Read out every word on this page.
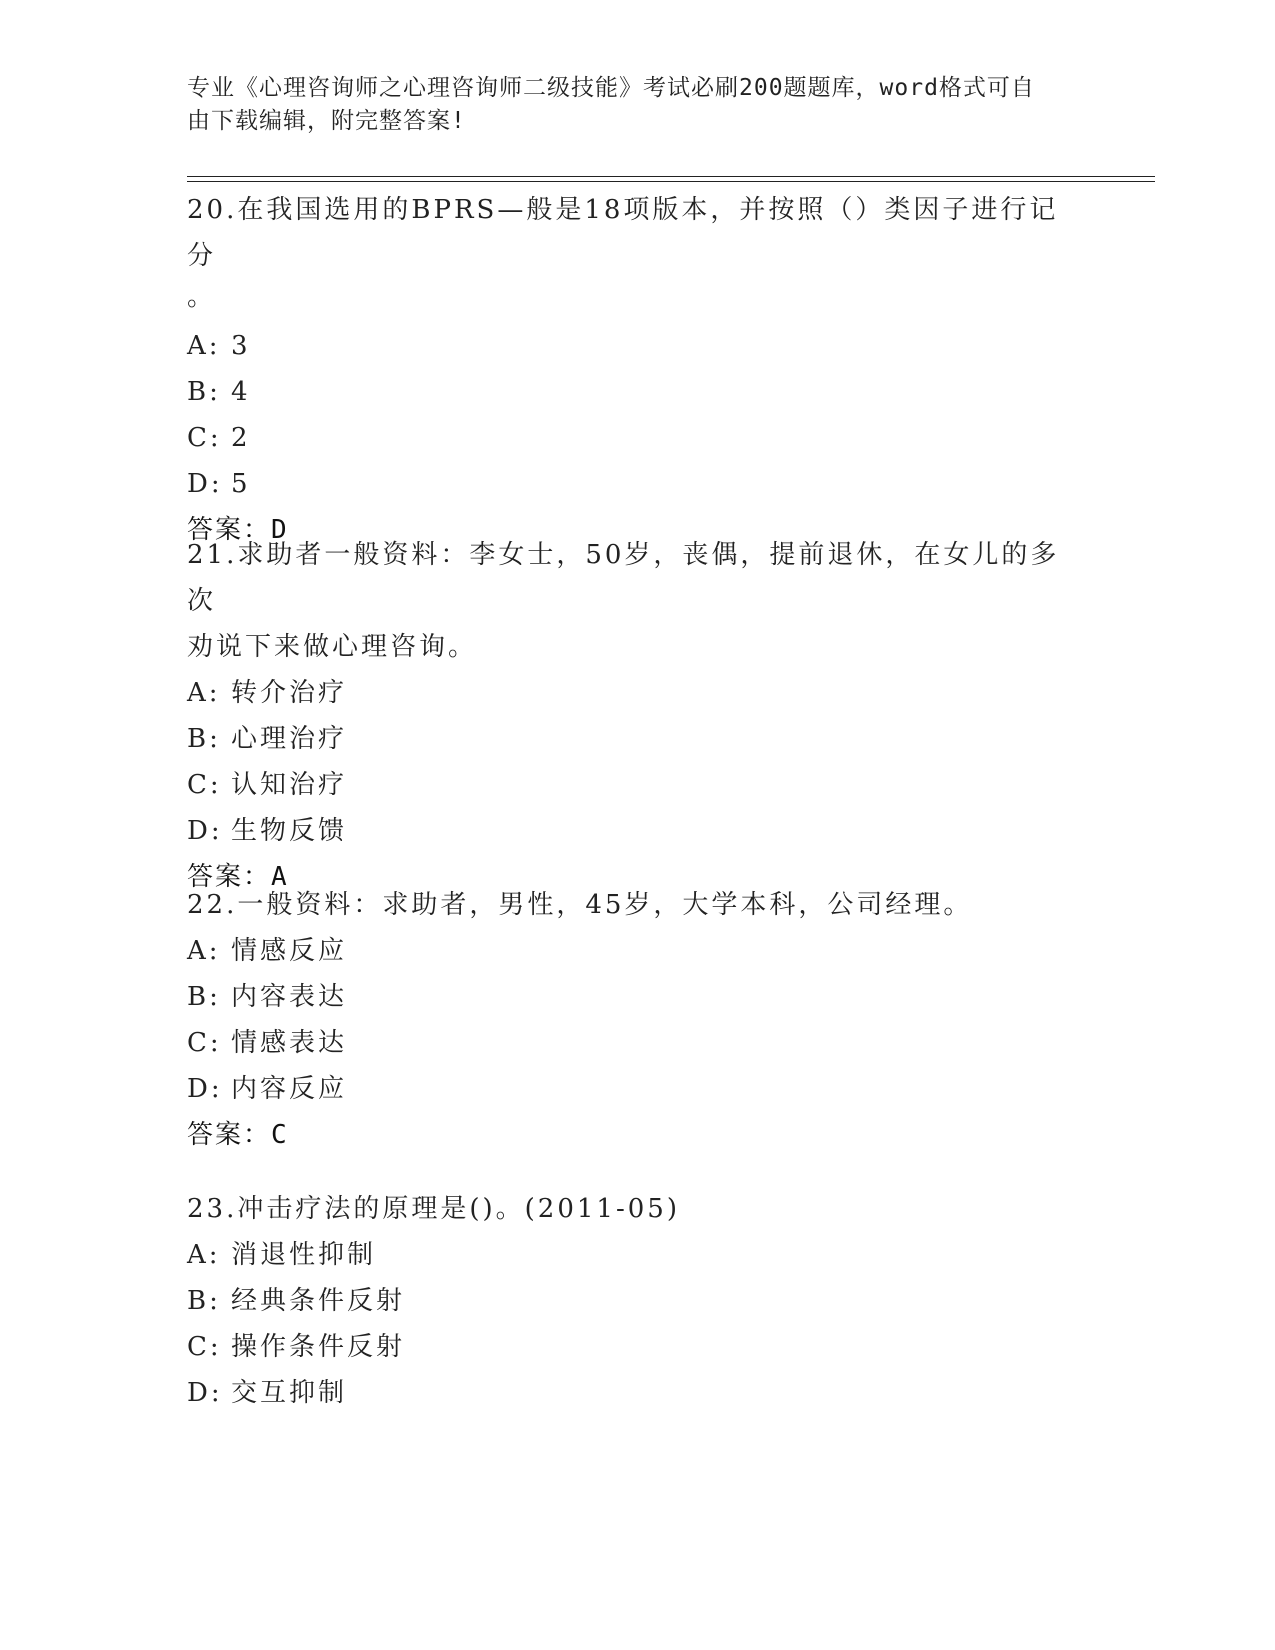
专业《心理咨询师之心理咨询师二级技能》考试必刷200题题库，word格式可自
由下载编辑，附完整答案!

20.在我国选用的BPRS—般是18项版本，并按照（）类因子进行记分

。

A: 3

B: 4

C: 2

D: 5

答案：D

21.求助者一般资料：李女士，50岁，丧偶，提前退休，在女儿的多次

劝说下来做心理咨询。

A: 转介治疗

B: 心理治疗

C: 认知治疗

D: 生物反馈

答案：A

22.一般资料：求助者，男性，45岁，大学本科，公司经理。

A: 情感反应

B: 内容表达

C: 情感表达

D: 内容反应

答案：C

23.冲击疗法的原理是()。(2011-05)

A: 消退性抑制

B: 经典条件反射

C: 操作条件反射

D: 交互抑制
